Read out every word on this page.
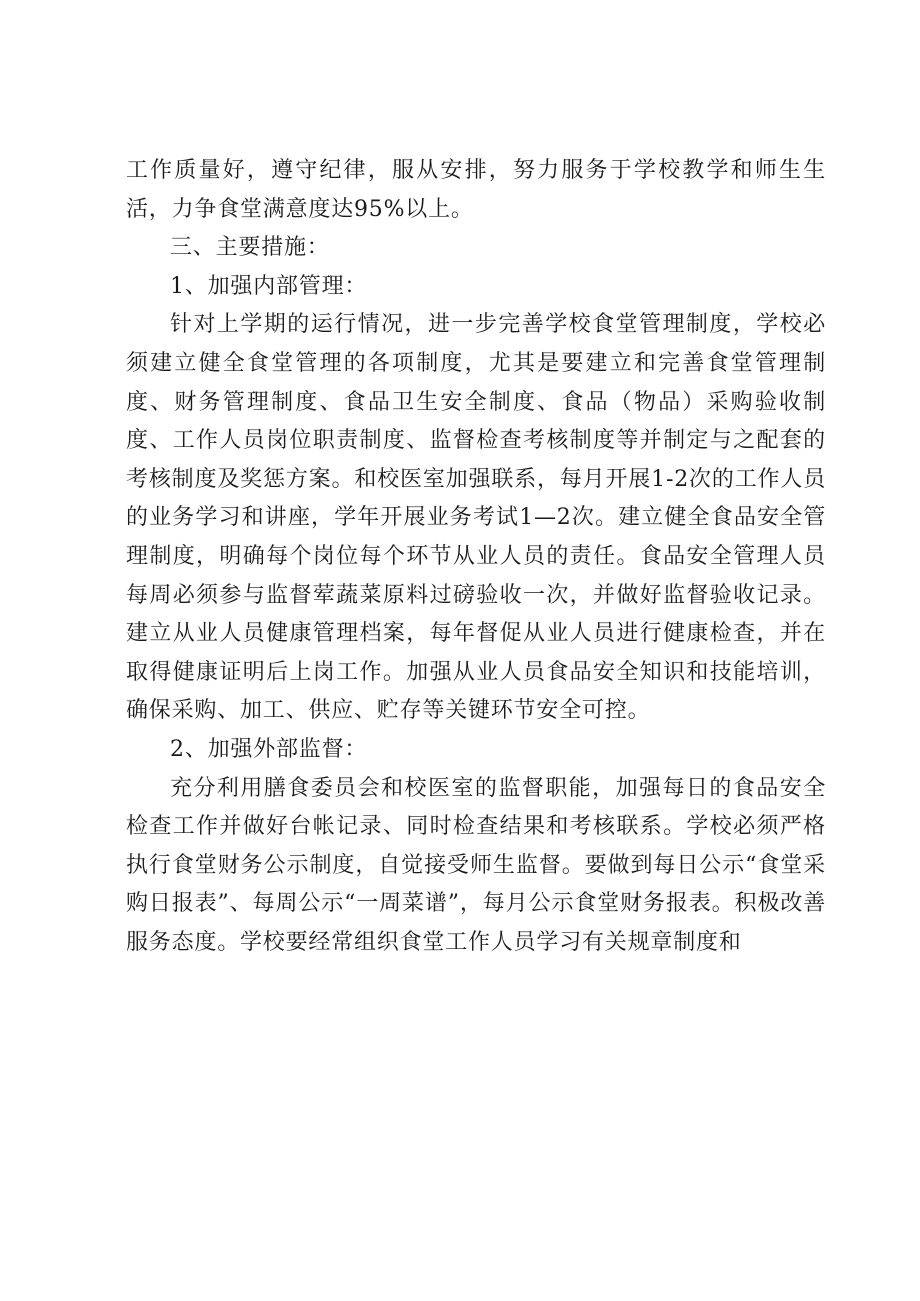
工作质量好，遵守纪律，服从安排，努力服务于学校教学和师生生活，力争食堂满意度达95%以上。

三、主要措施：

1、加强内部管理：

针对上学期的运行情况，进一步完善学校食堂管理制度，学校必须建立健全食堂管理的各项制度，尤其是要建立和完善食堂管理制度、财务管理制度、食品卫生安全制度、食品（物品）采购验收制度、工作人员岗位职责制度、监督检查考核制度等并制定与之配套的考核制度及奖惩方案。和校医室加强联系，每月开展1-2次的工作人员的业务学习和讲座，学年开展业务考试1—2次。建立健全食品安全管理制度，明确每个岗位每个环节从业人员的责任。食品安全管理人员每周必须参与监督荤蔬菜原料过磅验收一次，并做好监督验收记录。建立从业人员健康管理档案，每年督促从业人员进行健康检查，并在取得健康证明后上岗工作。加强从业人员食品安全知识和技能培训，确保采购、加工、供应、贮存等关键环节安全可控。

2、加强外部监督：

充分利用膳食委员会和校医室的监督职能，加强每日的食品安全检查工作并做好台帐记录、同时检查结果和考核联系。学校必须严格执行食堂财务公示制度，自觉接受师生监督。要做到每日公示“食堂采购日报表”、每周公示“一周菜谱”，每月公示食堂财务报表。积极改善服务态度。学校要经常组织食堂工作人员学习有关规章制度和
